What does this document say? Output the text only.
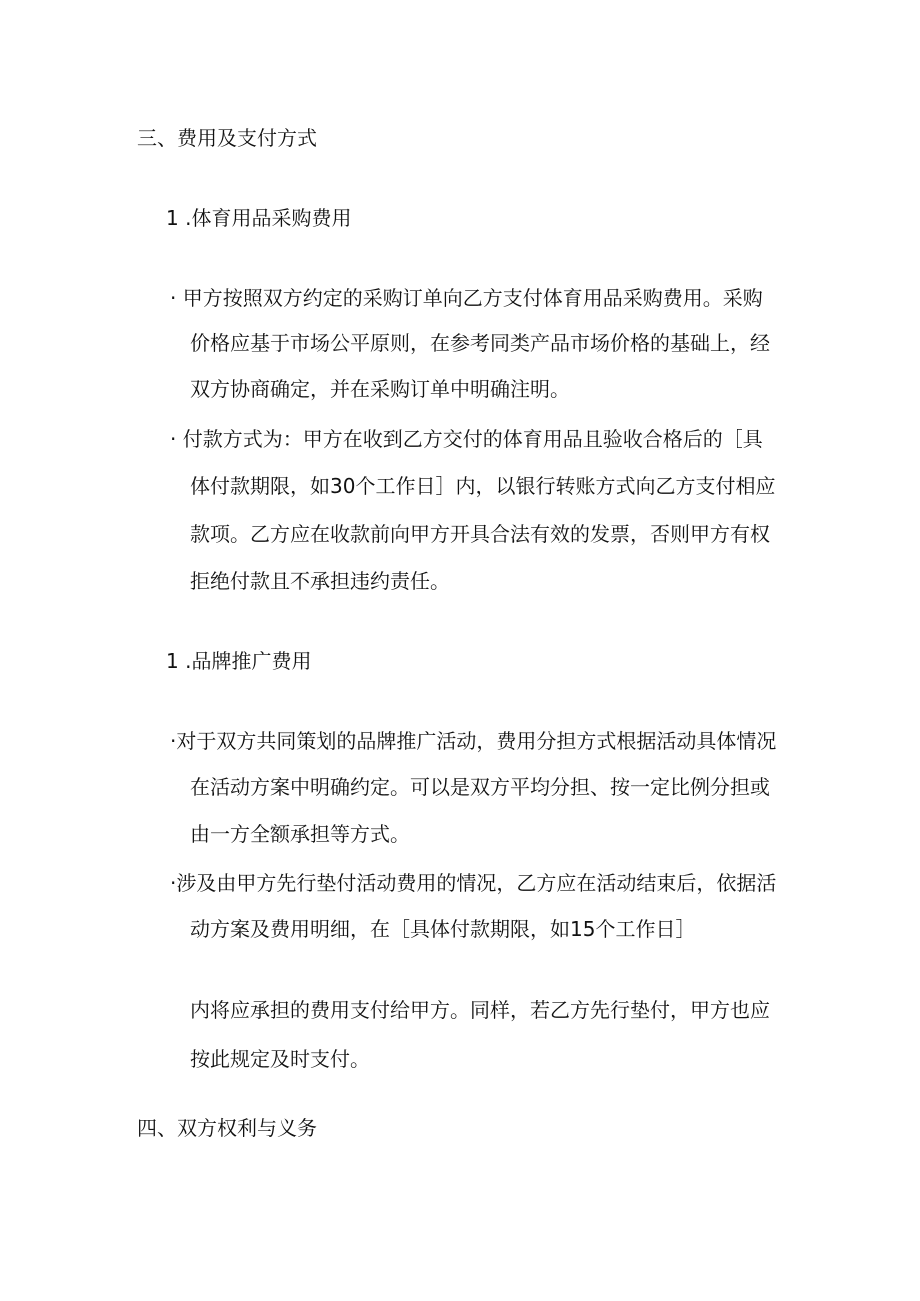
三、费用及支付方式
1 .体育用品采购费用
· 甲方按照双方约定的采购订单向乙方支付体育用品采购费用。采购
价格应基于市场公平原则，在参考同类产品市场价格的基础上，经
双方协商确定，并在采购订单中明确注明。
· 付款方式为：甲方在收到乙方交付的体育用品且验收合格后的［具
体付款期限，如30个工作日］内，以银行转账方式向乙方支付相应
款项。乙方应在收款前向甲方开具合法有效的发票，否则甲方有权
拒绝付款且不承担违约责任。
1 .品牌推广费用
·对于双方共同策划的品牌推广活动，费用分担方式根据活动具体情况
在活动方案中明确约定。可以是双方平均分担、按一定比例分担或
由一方全额承担等方式。
·涉及由甲方先行垫付活动费用的情况，乙方应在活动结束后，依据活
动方案及费用明细，在［具体付款期限，如15个工作日］
内将应承担的费用支付给甲方。同样，若乙方先行垫付，甲方也应
按此规定及时支付。
四、双方权利与义务
